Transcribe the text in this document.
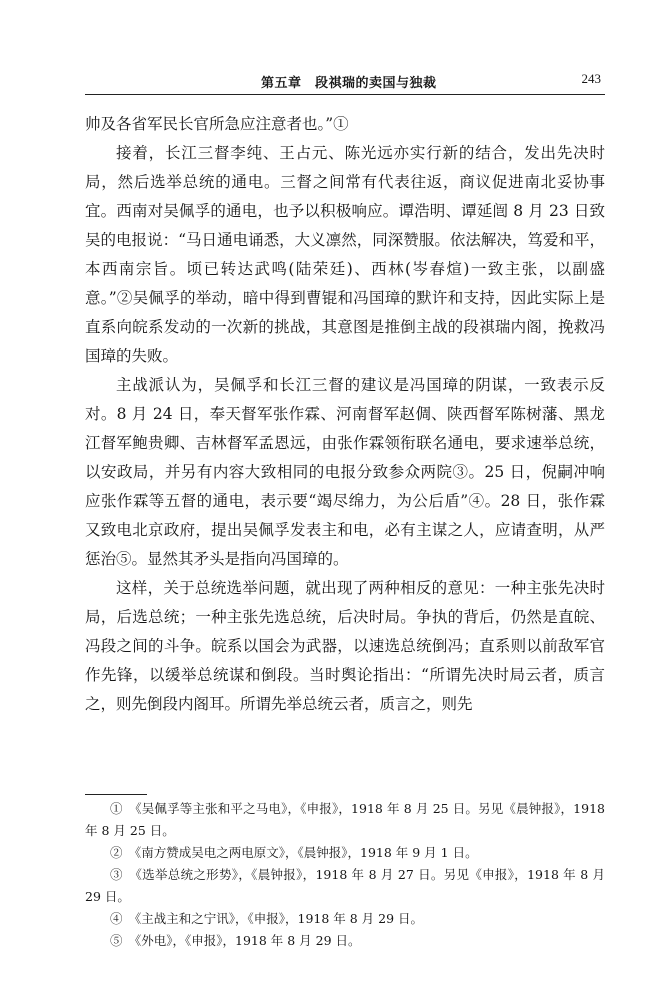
第五章　段祺瑞的卖国与独裁	243

帅及各省军民长官所急应注意者也。”①

接着，长江三督李纯、王占元、陈光远亦实行新的结合，发出先决时局，然后选举总统的通电。三督之间常有代表往返，商议促进南北妥协事宜。西南对吴佩孚的通电，也予以积极响应。谭浩明、谭延闿 8 月 23 日致吴的电报说：“马日通电诵悉，大义凛然，同深赞服。依法解决，笃爱和平，本西南宗旨。顷已转达武鸣(陆荣廷)、西林(岑春煊)一致主张，以副盛意。”②吴佩孚的举动，暗中得到曹锟和冯国璋的默许和支持，因此实际上是直系向皖系发动的一次新的挑战，其意图是推倒主战的段祺瑞内阁，挽救冯国璋的失败。

主战派认为，吴佩孚和长江三督的建议是冯国璋的阴谋，一致表示反对。8 月 24 日，奉天督军张作霖、河南督军赵倜、陕西督军陈树藩、黑龙江督军鲍贵卿、吉林督军孟恩远，由张作霖领衔联名通电，要求速举总统，以安政局，并另有内容大致相同的电报分致参众两院③。25 日，倪嗣冲响应张作霖等五督的通电，表示要“竭尽绵力，为公后盾”④。28 日，张作霖又致电北京政府，提出吴佩孚发表主和电，必有主谋之人，应请查明，从严惩治⑤。显然其矛头是指向冯国璋的。

这样，关于总统选举问题，就出现了两种相反的意见：一种主张先决时局，后选总统；一种主张先选总统，后决时局。争执的背后，仍然是直皖、冯段之间的斗争。皖系以国会为武器，以速选总统倒冯；直系则以前敌军官作先锋，以缓举总统谋和倒段。当时舆论指出：“所谓先决时局云者，质言之，则先倒段内阁耳。所谓先举总统云者，质言之，则先

①　《吴佩孚等主张和平之马电》，《申报》，1918 年 8 月 25 日。另见《晨钟报》，1918 年 8 月 25 日。

②　《南方赞成吴电之两电原文》，《晨钟报》，1918 年 9 月 1 日。

③　《选举总统之形势》，《晨钟报》，1918 年 8 月 27 日。另见《申报》，1918 年 8 月 29 日。

④　《主战主和之宁讯》，《申报》，1918 年 8 月 29 日。

⑤　《外电》，《申报》，1918 年 8 月 29 日。
